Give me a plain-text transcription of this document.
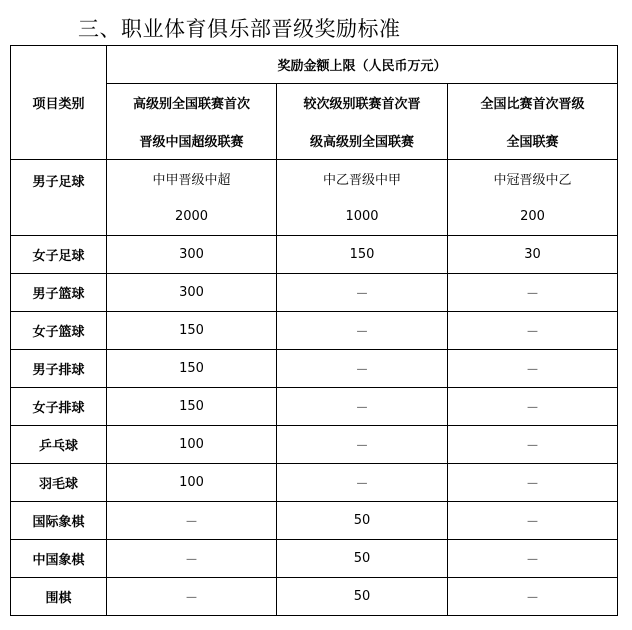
三、职业体育俱乐部晋级奖励标准
项目类别	奖励金额上限（人民币万元）		
	高级别全国联赛首次	较次级别联赛首次晋	全国比赛首次晋级
	晋级中国超级联赛	级高级别全国联赛	全国联赛
男子足球	中甲晋级中超	中乙晋级中甲	中冠晋级中乙
	2000	1000	200
女子足球	300	150	30
男子篮球	300	－	－
女子篮球	150	－	－
男子排球	150	－	－
女子排球	150	－	－
乒乓球	100	－	－
羽毛球	100	－	－
国际象棋	－	50	－
中国象棋	－	50	－
围棋	－	50	－
